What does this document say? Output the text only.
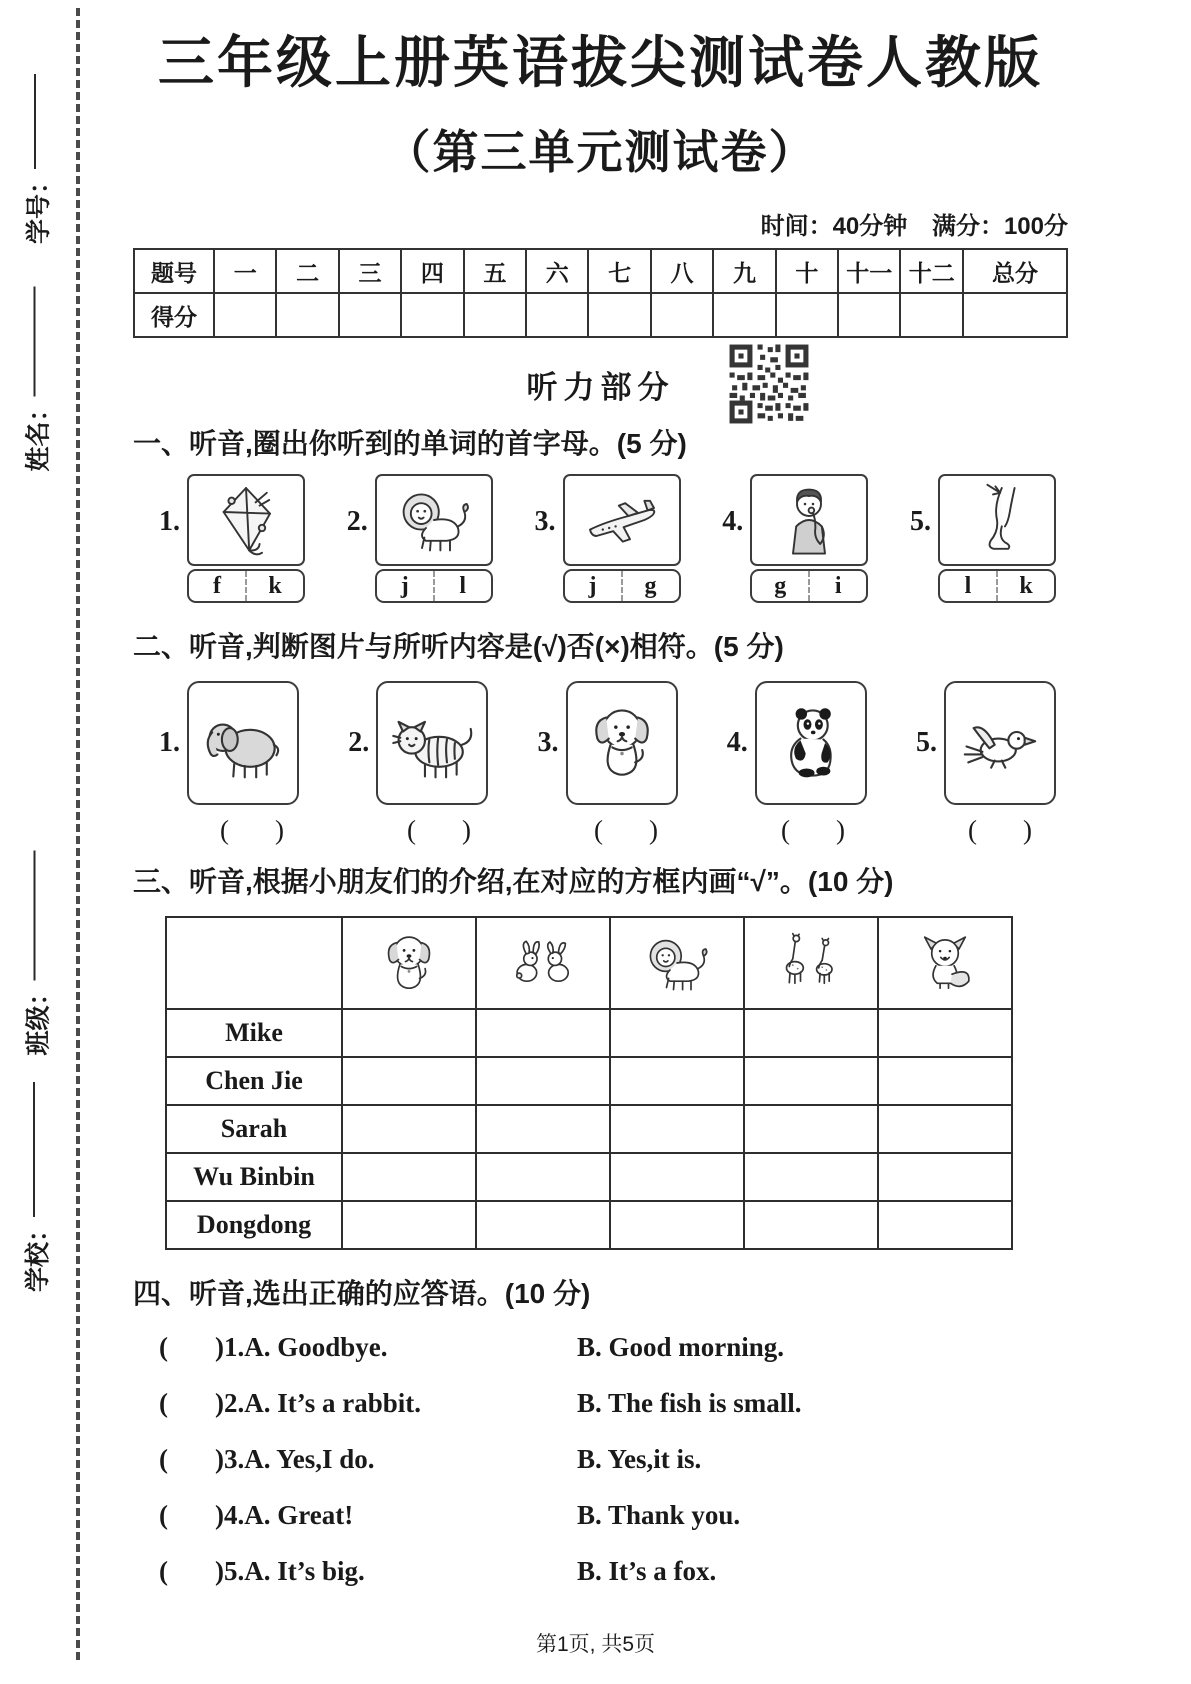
学号：
姓名：
班级：
学校：
三年级上册英语拔尖测试卷人教版
（第三单元测试卷）
时间：40分钟 满分：100分
题号	一	二	三	四	五	六	七	八	九	十	十一	十二	总分
得分													
听力部分
一、听音,圈出你听到的单词的首字母。(5 分)
1.
f	k
2.
j	l
3.
j	g
4.
g	i
5.
l	k
二、听音,判断图片与所听内容是(√)否(×)相符。(5 分)
1.	2.	3.	4.	5.
( )	( )	( )	( )	( )
三、听音,根据小朋友们的介绍,在对应的方框内画“√”。(10 分)

Mike					
Chen Jie					
Sarah					
Wu Binbin					
Dongdong					
四、听音,选出正确的应答语。(10 分)
(	)1.A. Goodbye.	B. Good morning.
(	)2.A. It’s a rabbit.	B. The fish is small.
(	)3.A. Yes,I do.	B. Yes,it is.
(	)4.A. Great!	B. Thank you.
(	)5.A. It’s big.	B. It’s a fox.
第1页, 共5页
